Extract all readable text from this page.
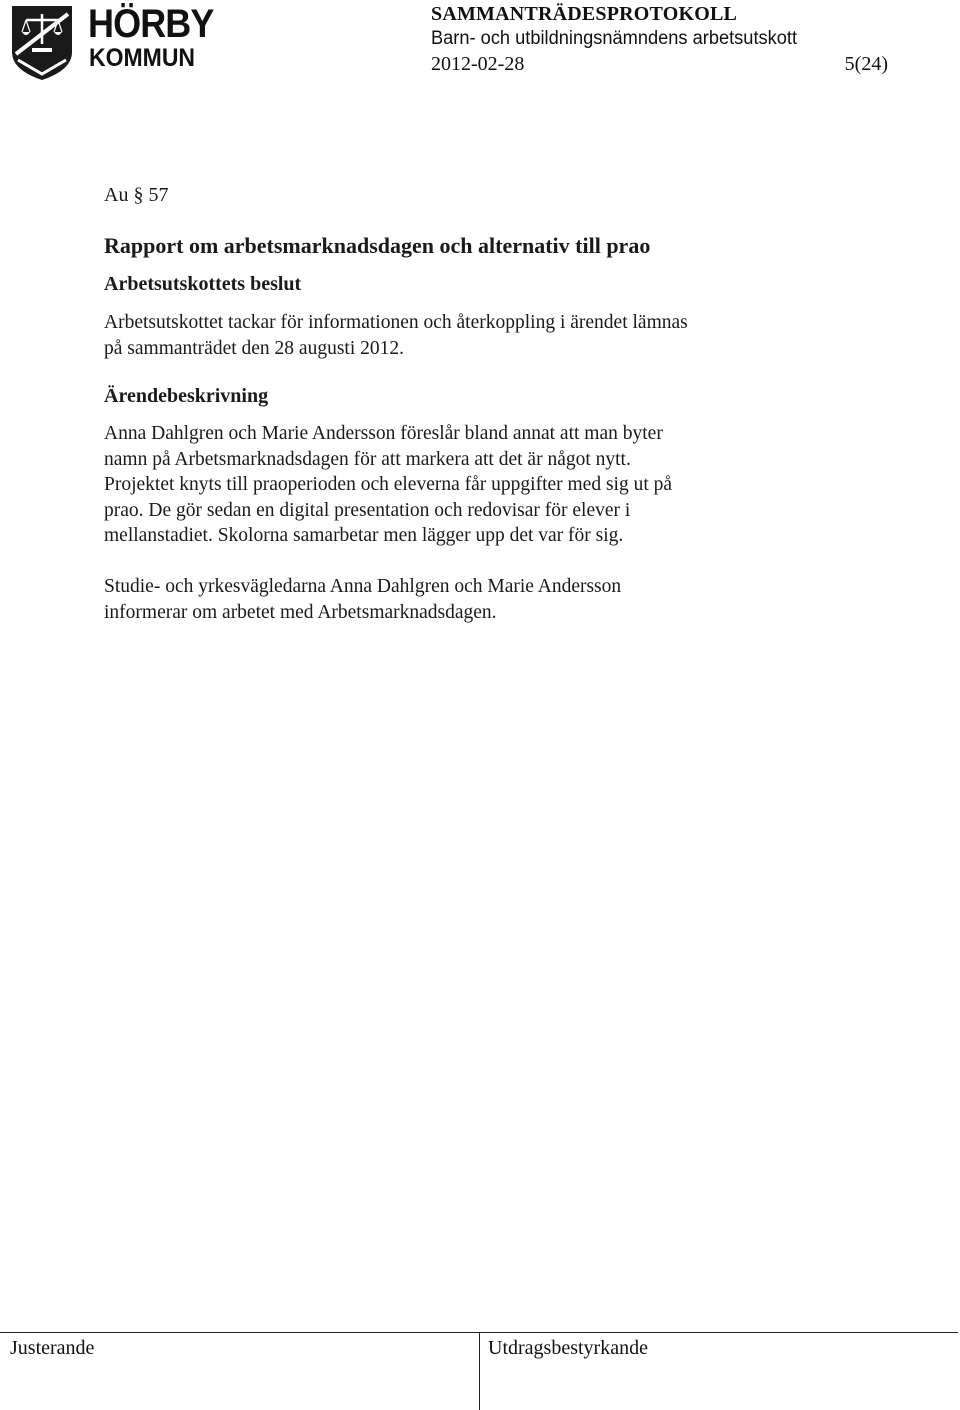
HÖRBY
KOMMUN
SAMMANTRÄDESPROTOKOLL
Barn- och utbildningsnämndens arbetsutskott
2012-02-28	5(24)
Au § 57
Rapport om arbetsmarknadsdagen och alternativ till prao
Arbetsutskottets beslut
Arbetsutskottet tackar för informationen och återkoppling i ärendet lämnas
på sammanträdet den 28 augusti 2012.
Ärendebeskrivning
Anna Dahlgren och Marie Andersson föreslår bland annat att man byter
namn på Arbetsmarknadsdagen för att markera att det är något nytt.
Projektet knyts till praoperioden och eleverna får uppgifter med sig ut på
prao. De gör sedan en digital presentation och redovisar för elever i
mellanstadiet. Skolorna samarbetar men lägger upp det var för sig.
Studie- och yrkesvägledarna Anna Dahlgren och Marie Andersson
informerar om arbetet med Arbetsmarknadsdagen.
Justerande	Utdragsbestyrkande
